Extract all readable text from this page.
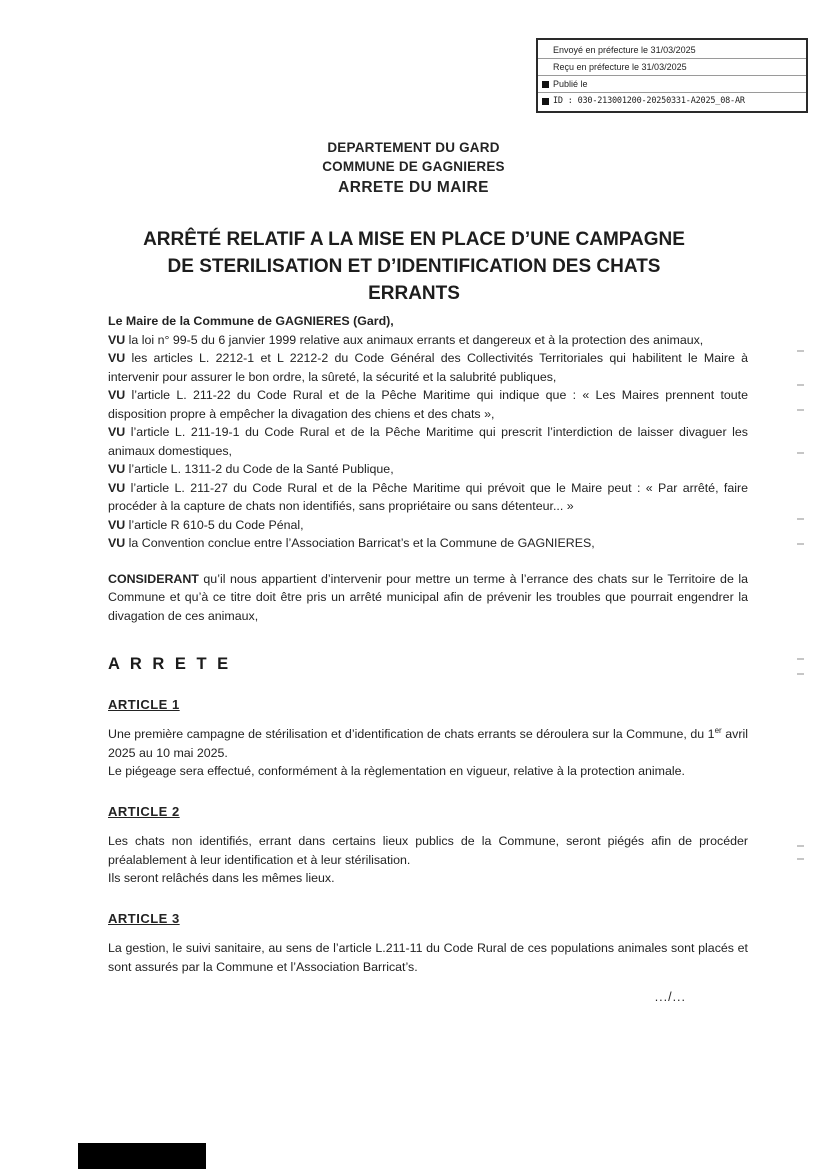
Envoyé en préfecture le 31/03/2025
Reçu en préfecture le 31/03/2025
Publié le
ID : 030-213001200-20250331-A2025_08-AR
DEPARTEMENT DU GARD
COMMUNE DE GAGNIERES
ARRETE DU MAIRE
ARRÊTÉ RELATIF A LA MISE EN PLACE D’UNE CAMPAGNE
DE STERILISATION ET D’IDENTIFICATION DES CHATS
ERRANTS

Le Maire de la Commune de GAGNIERES (Gard),

VU la loi n° 99-5 du 6 janvier 1999 relative aux animaux errants et dangereux et à la protection des animaux,

VU les articles L. 2212-1 et L 2212-2 du Code Général des Collectivités Territoriales qui habilitent le Maire à intervenir pour assurer le bon ordre, la sûreté, la sécurité et la salubrité publiques,

VU l’article L. 211-22 du Code Rural et de la Pêche Maritime qui indique que : « Les Maires prennent toute disposition propre à empêcher la divagation des chiens et des chats »,

VU l’article L. 211-19-1 du Code Rural et de la Pêche Maritime qui prescrit l’interdiction de laisser divaguer les animaux domestiques,

VU l’article L. 1311-2 du Code de la Santé Publique,

VU l’article L. 211-27 du Code Rural et de la Pêche Maritime qui prévoit que le Maire peut : « Par arrêté, faire procéder à la capture de chats non identifiés, sans propriétaire ou sans détenteur... »

VU l’article R 610-5 du Code Pénal,

VU la Convention conclue entre l’Association Barricat’s et la Commune de GAGNIERES,

CONSIDERANT qu’il nous appartient d’intervenir pour mettre un terme à l’errance des chats sur le Territoire de la Commune et qu’à ce titre doit être pris un arrêté municipal afin de prévenir les troubles que pourrait engendrer la divagation de ces animaux,

A R R E T E
ARTICLE 1

Une première campagne de stérilisation et d’identification de chats errants se déroulera sur la Commune, du 1er avril 2025 au 10 mai 2025.

Le piégeage sera effectué, conformément à la règlementation en vigueur, relative à la protection animale.

ARTICLE 2

Les chats non identifiés, errant dans certains lieux publics de la Commune, seront piégés afin de procéder préalablement à leur identification et à leur stérilisation.

Ils seront relâchés dans les mêmes lieux.

ARTICLE 3

La gestion, le suivi sanitaire, au sens de l’article L.211-11 du Code Rural de ces populations animales sont placés et sont assurés par la Commune et l’Association Barricat’s.

.../...
